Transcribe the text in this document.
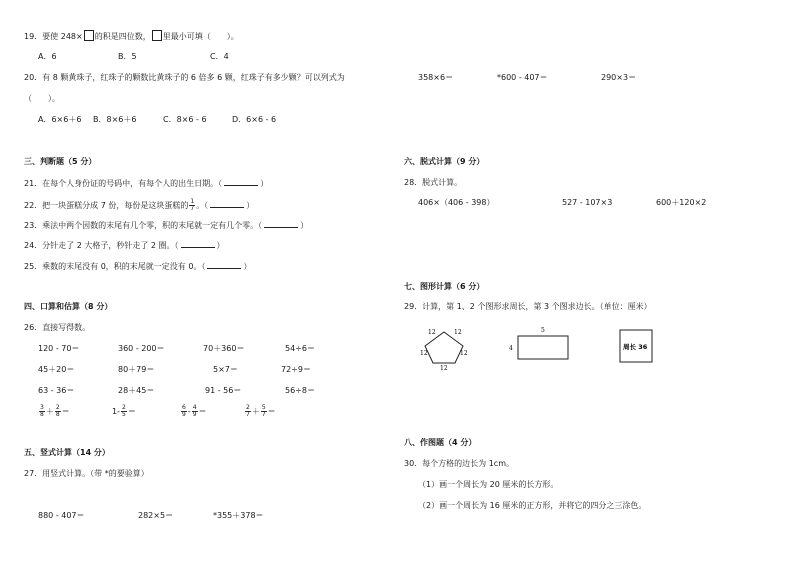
19．要使 248× 的积是四位数， 里最小可填（　　）。
A．6	B．5	C．4
20．有 8 颗黄珠子，红珠子的颗数比黄珠子的 6 倍多 6 颗，红珠子有多少颗？可以列式为
（　　）。
A．6×6＋6 B．8×6＋6	C．8×6 - 6	D．6×6 - 6
三、判断题（5 分）
21．在每个人身份证的号码中，有每个人的出生日期。（	）
22．把一块蛋糕分成 7 份，每份是这块蛋糕的 $\frac{1}{7}$ 。（	）
23．乘法中两个因数的末尾有几个零，积的末尾就一定有几个零。（	）
24．分针走了 2 大格子，秒针走了 2 圈。（	）
25．乘数的末尾没有 0，积的末尾就一定没有 0。（	）
四、口算和估算（8 分）
26．直接写得数。
120 - 70＝	360 - 200＝	70＋360＝	54÷6＝
45＋20＝	80＋79＝	5×7＝	72÷9＝
63 - 36＝	28＋45＝	91 - 56＝	56÷8＝
$\frac{3}{8} + \frac{2}{8}$ ＝	$1- \frac{2}{5}$ ＝	$\frac{6}{9} - \frac{4}{9}$ ＝	$\frac{2}{7} + \frac{5}{7}$ ＝
五、竖式计算（14 分）
27．用竖式计算。（带 *的要验算）
880 - 407＝	282×5＝	*355＋378＝
358×6＝	*600 - 407＝	290×3＝
六、脱式计算（9 分）
28．脱式计算。
406×（406 - 398）	527 - 107×3	600＋120×2
七、图形计算（6 分）
29．计算，第 1、2 个图形求周长，第 3 个图求边长。（单位：厘米）
12	12
12	12
12
5
4	周长 36
八、作图题（4 分）
30．每个方格的边长为 1cm。
（1）画一个周长为 20 厘米的长方形。
（2）画一个周长为 16 厘米的正方形，并将它的四分之三涂色。
